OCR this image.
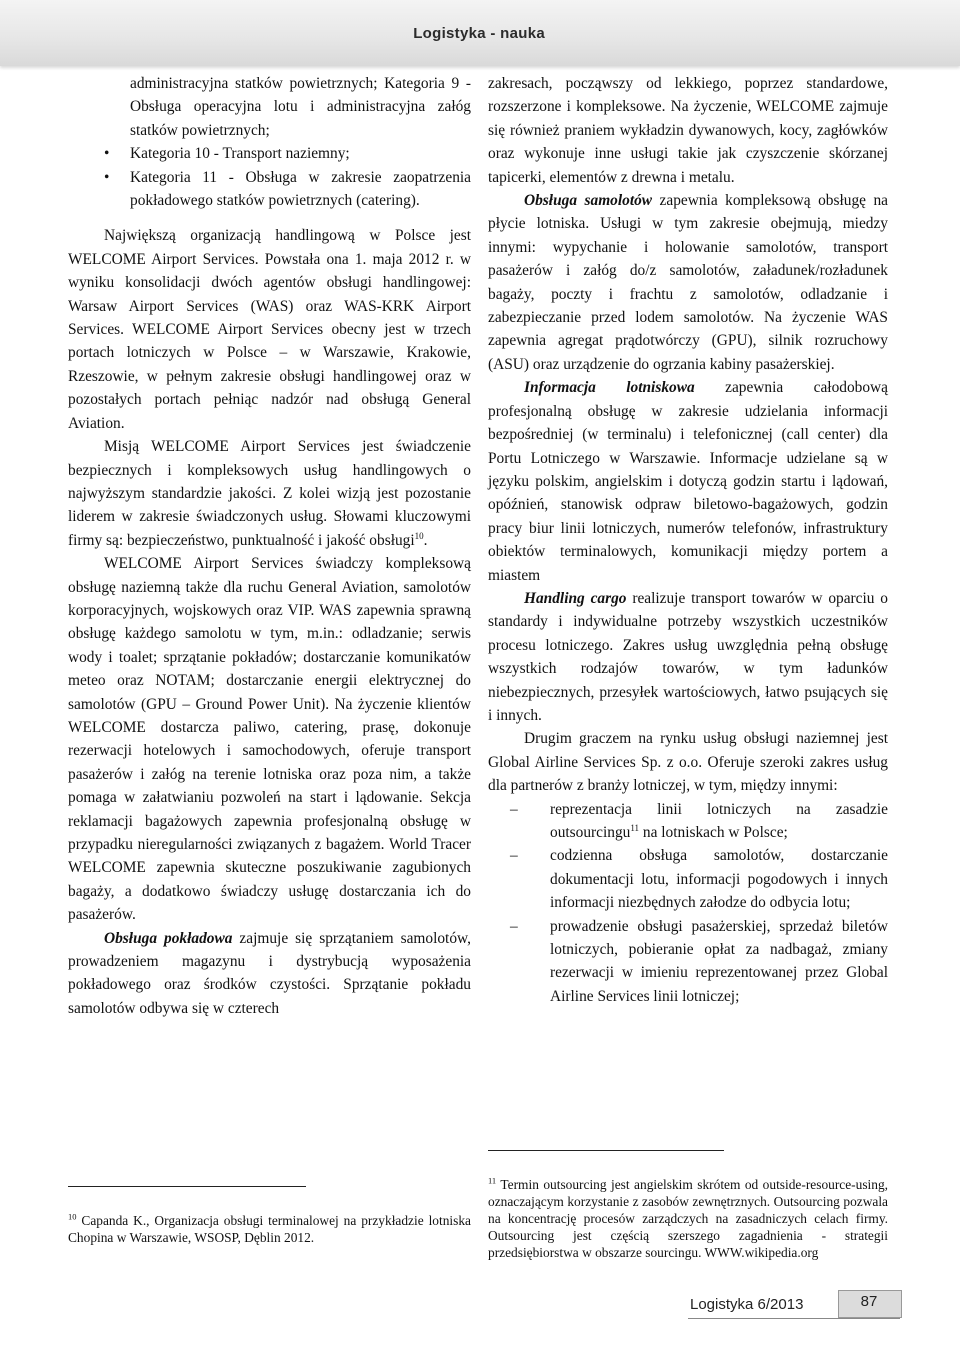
Logistyka - nauka

administracyjna statków powietrznych; Kategoria 9 - Obsługa operacyjna lotu i administracyjna załóg statków powietrznych;

• Kategoria 10 - Transport naziemny;
• Kategoria 11 - Obsługa w zakresie zaopatrzenia pokładowego statków powietrznych (catering).

Największą organizacją handlingową w Polsce jest WELCOME Airport Services. Powstała ona 1. maja 2012 r. w wyniku konsolidacji dwóch agentów obsługi handlingowej: Warsaw Airport Services (WAS) oraz WAS-KRK Airport Services. WELCOME Airport Services obecny jest w trzech portach lotniczych w Polsce – w Warszawie, Krakowie, Rzeszowie, w pełnym zakresie obsługi handlingowej oraz w pozostałych portach pełniąc nadzór nad obsługą General Aviation.

Misją WELCOME Airport Services jest świadczenie bezpiecznych i kompleksowych usług handlingowych o najwyższym standardzie jakości. Z kolei wizją jest pozostanie liderem w zakresie świadczonych usług. Słowami kluczowymi firmy są: bezpieczeństwo, punktualność i jakość obsługi$^{10}$.

WELCOME Airport Services świadczy kompleksową obsługę naziemną także dla ruchu General Aviation, samolotów korporacyjnych, wojskowych oraz VIP. WAS zapewnia sprawną obsługę każdego samolotu w tym, m.in.: odladzanie; serwis wody i toalet; sprzątanie pokładów; dostarczanie komunikatów meteo oraz NOTAM; dostarczanie energii elektrycznej do samolotów (GPU – Ground Power Unit). Na życzenie klientów WELCOME dostarcza paliwo, catering, prasę, dokonuje rezerwacji hotelowych i samochodowych, oferuje transport pasażerów i załóg na terenie lotniska oraz poza nim, a także pomaga w załatwianiu pozwoleń na start i lądowanie. Sekcja reklamacji bagażowych zapewnia profesjonalną obsługę w przypadku nieregularności związanych z bagażem. World Tracer WELCOME zapewnia skuteczne poszukiwanie zagubionych bagaży, a dodatkowo świadczy usługę dostarczania ich do pasażerów.

Obsługa pokładowa zajmuje się sprzątaniem samolotów, prowadzeniem magazynu i dystrybucją wyposażenia pokładowego oraz środków czystości. Sprzątanie pokładu samolotów odbywa się w czterech

zakresach, począwszy od lekkiego, poprzez standardowe, rozszerzone i kompleksowe. Na życzenie, WELCOME zajmuje się również praniem wykładzin dywanowych, kocy, zagłówków oraz wykonuje inne usługi takie jak czyszczenie skórzanej tapicerki, elementów z drewna i metalu.

Obsługa samolotów zapewnia kompleksową obsługę na płycie lotniska. Usługi w tym zakresie obejmują, miedzy innymi: wypychanie i holowanie samolotów, transport pasażerów i załóg do/z samolotów, załadunek/rozładunek bagaży, poczty i frachtu z samolotów, odladzanie i zabezpieczanie przed lodem samolotów. Na życzenie WAS zapewnia agregat prądotwórczy (GPU), silnik rozruchowy (ASU) oraz urządzenie do ogrzania kabiny pasażerskiej.

Informacja lotniskowa zapewnia całodobową profesjonalną obsługę w zakresie udzielania informacji bezpośredniej (w terminalu) i telefonicznej (call center) dla Portu Lotniczego w Warszawie. Informacje udzielane są w języku polskim, angielskim i dotyczą godzin startu i lądowań, opóźnień, stanowisk odpraw biletowo-bagażowych, godzin pracy biur linii lotniczych, numerów telefonów, infrastruktury obiektów terminalowych, komunikacji między portem a miastem

Handling cargo realizuje transport towarów w oparciu o standardy i indywidualne potrzeby wszystkich uczestników procesu lotniczego. Zakres usług uwzględnia pełną obsługę wszystkich rodzajów towarów, w tym ładunków niebezpiecznych, przesyłek wartościowych, łatwo psujących się i innych.

Drugim graczem na rynku usług obsługi naziemnej jest Global Airline Services Sp. z o.o. Oferuje szeroki zakres usług dla partnerów z branży lotniczej, w tym, między innymi:

– reprezentacja linii lotniczych na zasadzie outsourcingu$^{11}$ na lotniskach w Polsce;
– codzienna obsługa samolotów, dostarczanie dokumentacji lotu, informacji pogodowych i innych informacji niezbędnych załodze do odbycia lotu;
– prowadzenie obsługi pasażerskiej, sprzedaż biletów lotniczych, pobieranie opłat za nadbagaż, zmiany rezerwacji w imieniu reprezentowanej przez Global Airline Services linii lotniczej;
$^{10}$ Capanda K., Organizacja obsługi terminalowej na przykładzie lotniska Chopina w Warszawie, WSOSP, Dęblin 2012.
$^{11}$ Termin outsourcing jest angielskim skrótem od outside-resource-using, oznaczającym korzystanie z zasobów zewnętrznych. Outsourcing pozwala na koncentrację procesów zarządczych na zasadniczych celach firmy. Outsourcing jest częścią szerszego zagadnienia - strategii przedsiębiorstwa w obszarze sourcingu. WWW.wikipedia.org
Logistyka 6/2013	87
